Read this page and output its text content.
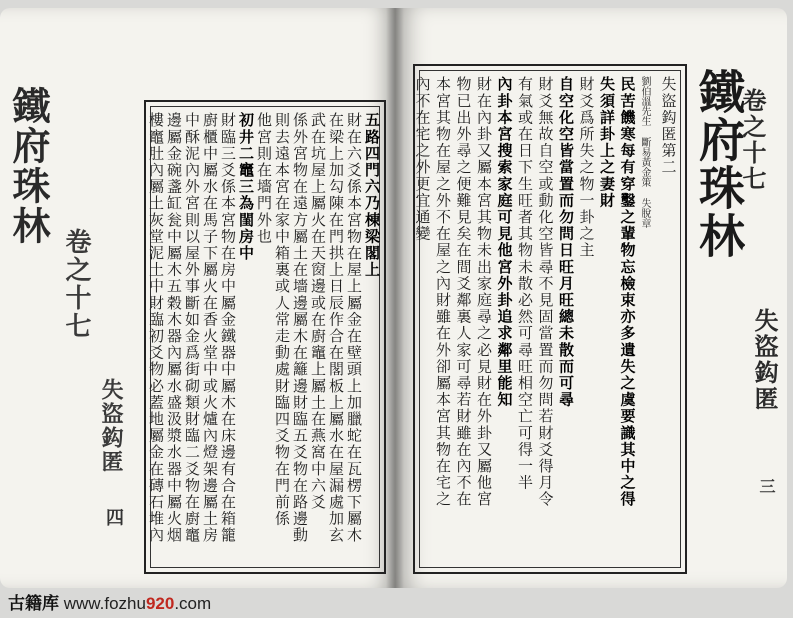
五路四門六乃棟梁閣上
財在六爻係本宮物在屋上屬金在壁頭上加臘蛇在瓦楞下屬木
在梁上加勾陳在門拱上日辰作合在閣板上屬水在屋漏處加玄
武在坑屋上屬火在天窗邊或在廚竈上屬土在燕窩中六爻
係外宮物在遠方屬土在墻邊屬木在籬邊財臨五爻物在路邊動
則去遠本宮在家中箱裏或人常走動處財臨四爻物在門前係
他宮則在墻門外也
初井二竈三為閨房中
財臨三爻係本宮物在房中屬金鐵器中屬木在床邊有合在箱籠
廚櫃中屬水在馬子下屬火在香火堂中或火爐內燈架邊屬土房
中酥泥內外宮則以屋外事斷如金爲街砌類財臨二爻物在廚竈
邊屬金碗盞缸瓮中屬木五穀木器內屬水盛汲漿水器中屬火烟
樓竈肚內屬土灰堂泥土中財臨初爻物必蓋地屬金在磚石堆內
鐵府珠林
卷之十七
失盜鈎匿
四
失盜鈎匿第二
劉伯溫先生 斷易黃金策 失脫章
民苦饑寒每有穿鑿之輩物忘檢束亦多遺失之虞要識其中之得
失須詳卦上之妻財
財爻爲所失之物一卦之主
自空化空皆當置而勿問日旺月旺總未散而可尋
財爻無故自空或動化空皆尋不見固當置而勿問若財爻得月令
有氣或在日下生旺者其物未散必然可尋旺相空亡可得一半
內卦本宮搜索家庭可見他宮外卦追求鄰里能知
財在內卦又屬本宮其物未出家庭尋之必見財在外卦又屬他宮
物已出外尋之便難見矣在間爻鄰裏人家可尋若財雖在內不在
本宮其物在屋之外不在屋之內財雖在外卻屬本宮其物在宅之
內不在宅之外更宜通變	鐵府珠林
卷之十七
失盜鈎匿
三
古籍库 www.fozhu920.com
